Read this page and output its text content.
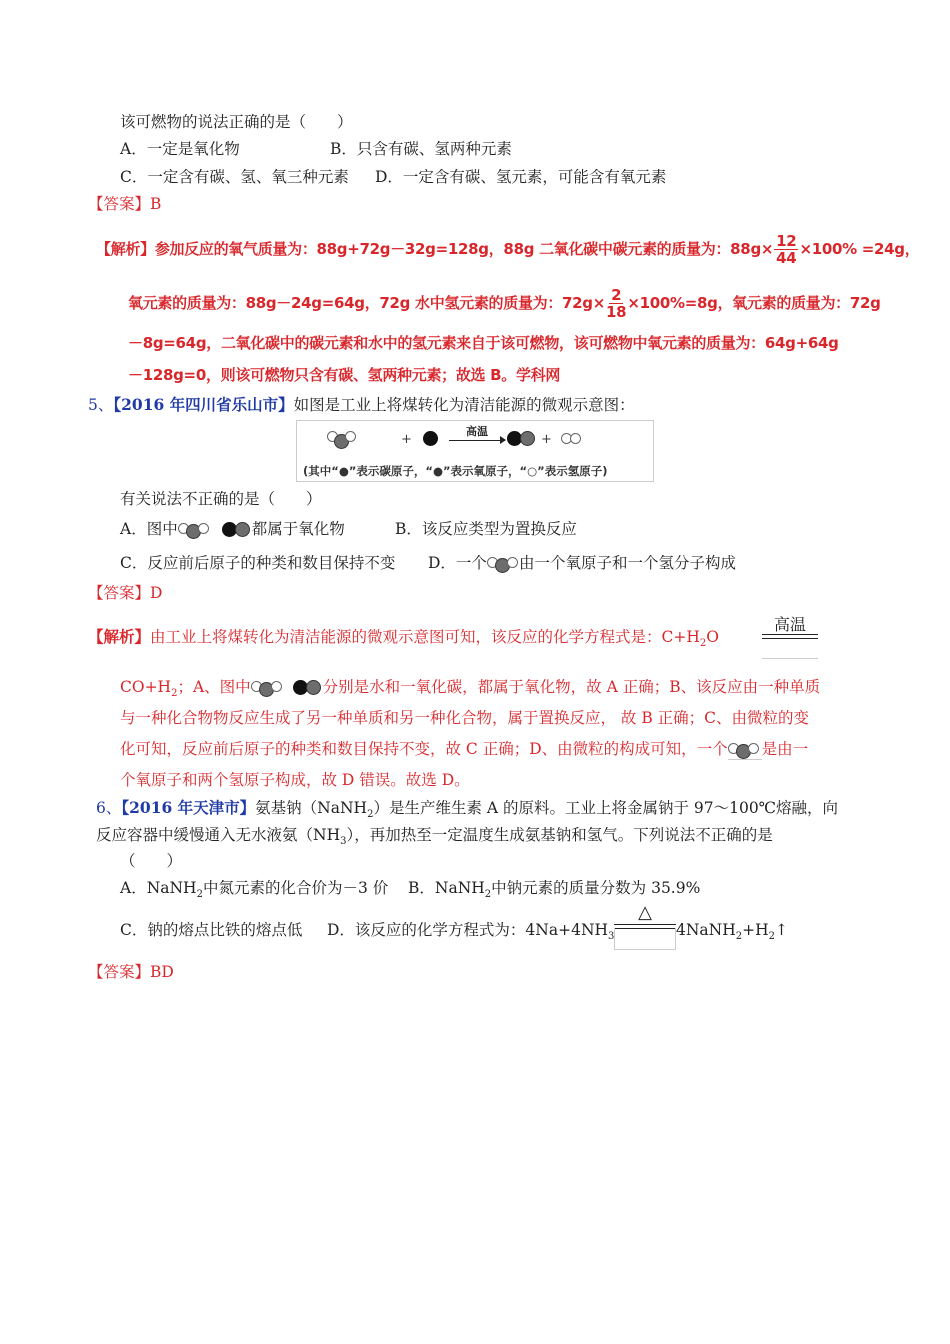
该可燃物的说法正确的是（　　）
A．一定是氧化物	B．只含有碳、氢两种元素
C．一定含有碳、氢、氧三种元素 D．一定含有碳、氢元素，可能含有氧元素
【答案】B
【解析】参加反应的氧气质量为：88g+72g－32g=128g，88g 二氧化碳中碳元素的质量为：$88g\times \frac{12}{44} \times 100\% =24g$，
氧元素的质量为：88g－24g=64g，72g 水中氢元素的质量为：$72g\times \frac{2}{18} \times 100\%=8g$，氧元素的质量为：72g
－8g=64g，二氧化碳中的碳元素和水中的氢元素来自于该可燃物，该可燃物中氧元素的质量为：64g+64g
－128g=0，则该可燃物只含有碳、氢两种元素；故选 B。学科网
5、【2016 年四川省乐山市】如图是工业上将煤转化为清洁能源的微观示意图：
+
高温
+
(其中“●”表示碳原子，“●”表示氧原子，“○”表示氢原子)
有关说法不正确的是（　　）
A．图中	都属于氧化物	B．该反应类型为置换反应
C．反应前后原子的种类和数目保持不变 D．一个 由一个氧原子和一个氢分子构成
【答案】D
【解析】由工业上将煤转化为清洁能源的微观示意图可知，该反应的化学方程式是：$C+H_2O$
高温
$CO+H_2$；A、图中	分别是水和一氧化碳，都属于氧化物，故 A 正确；B、该反应由一种单质
与一种化合物物反应生成了另一种单质和另一种化合物，属于置换反应， 故 B 正确；C、由微粒的变
化可知，反应前后原子的种类和数目保持不变，故 C 正确；D、由微粒的构成可知，一个 是由一
个氧原子和两个氢原子构成，故 D 错误。故选 D。
6、【2016 年天津市】氨基钠（NaNH$_2$）是生产维生素 A 的原料。工业上将金属钠于 97～100℃熔融，向
反应容器中缓慢通入无水液氨$(NH_3)$，再加热至一定温度生成氨基钠和氢气。下列说法不正确的是
（　　）
A．NaNH$_2$中氮元素的化合价为－3 价 B．NaNH$_2$中钠元素的质量分数为 35.9%
C．钠的熔点比铁的熔点低 D．该反应的化学方程式为：$4Na+4NH_3$
△
$4NaNH_2+H_2↑$
【答案】BD
